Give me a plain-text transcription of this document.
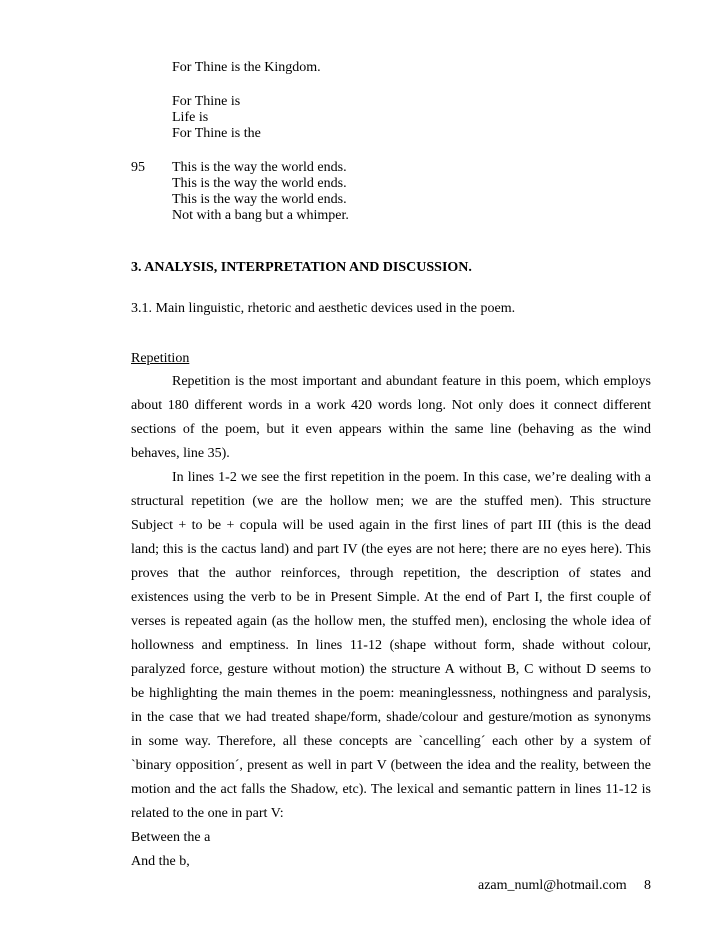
For Thine is the Kingdom.
For Thine is
Life is
For Thine is the
95 This is the way the world ends.
This is the way the world ends.
This is the way the world ends.
Not with a bang but a whimper.
3. ANALYSIS, INTERPRETATION AND DISCUSSION.
3.1. Main linguistic, rhetoric and aesthetic devices used in the poem.
Repetition
Repetition is the most important and abundant feature in this poem, which employs
about 180 different words in a work 420 words long. Not only does it connect different
sections of the poem, but it even appears within the same line (behaving as the wind
behaves, line 35).
In lines 1-2 we see the first repetition in the poem. In this case, we’re dealing with a
structural repetition (we are the hollow men; we are the stuffed men). This structure
Subject + to be + copula will be used again in the first lines of part III (this is the dead
land; this is the cactus land) and part IV (the eyes are not here; there are no eyes here). This
proves that the author reinforces, through repetition, the description of states and
existences using the verb to be in Present Simple. At the end of Part I, the first couple of
verses is repeated again (as the hollow men, the stuffed men), enclosing the whole idea of
hollowness and emptiness. In lines 11-12 (shape without form, shade without colour,
paralyzed force, gesture without motion) the structure A without B, C without D seems to
be highlighting the main themes in the poem: meaninglessness, nothingness and paralysis,
in the case that we had treated shape/form, shade/colour and gesture/motion as synonyms
in some way. Therefore, all these concepts are `cancelling´ each other by a system of
`binary opposition´, present as well in part V (between the idea and the reality, between the
motion and the act falls the Shadow, etc). The lexical and semantic pattern in lines 11-12 is
related to the one in part V:
Between the a
And the b,
azam_numl@hotmail.com 8
